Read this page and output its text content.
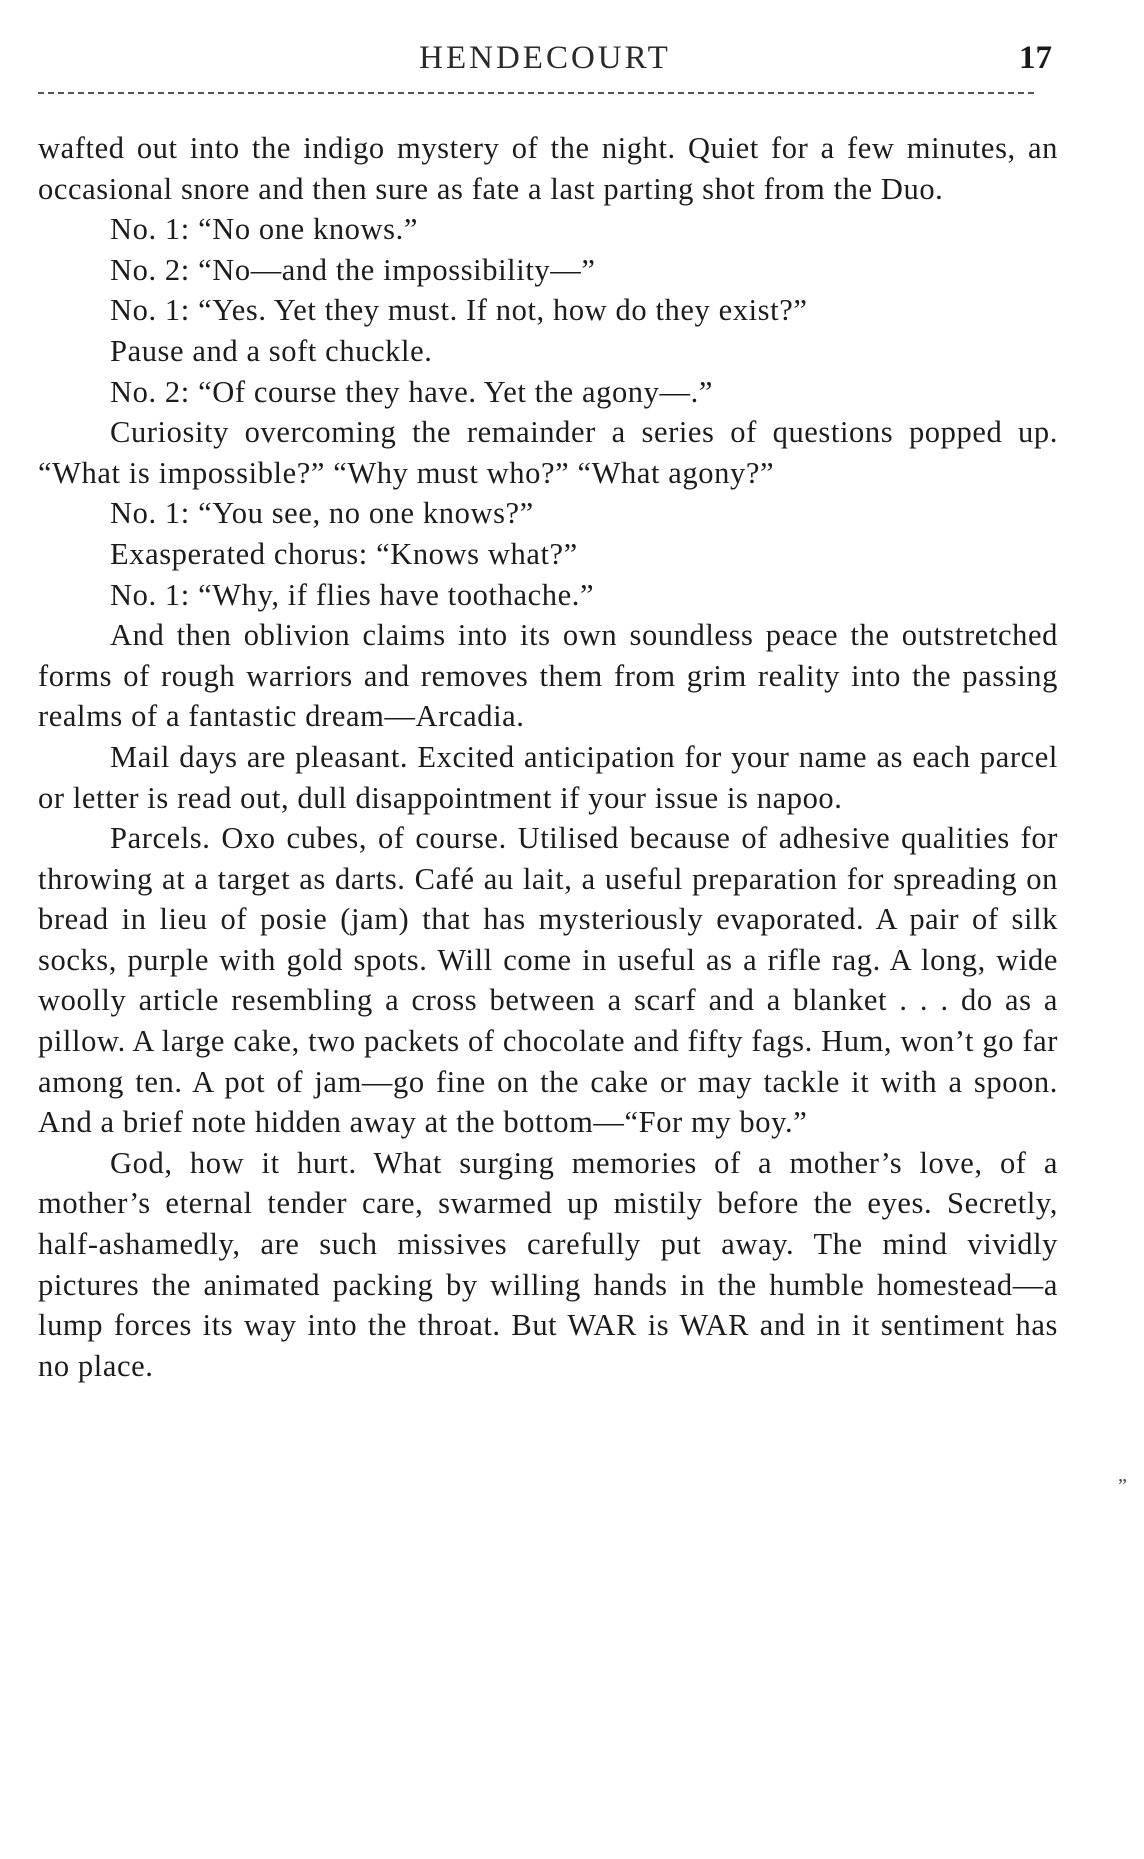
HENDECOURT	17

wafted out into the indigo mystery of the night. Quiet for a few minutes, an occasional snore and then sure as fate a last parting shot from the Duo.

No. 1: “No one knows.”

No. 2: “No—and the impossibility—”

No. 1: “Yes. Yet they must. If not, how do they exist?”

Pause and a soft chuckle.

No. 2: “Of course they have. Yet the agony—.”

Curiosity overcoming the remainder a series of questions popped up. “What is impossible?” “Why must who?” “What agony?”

No. 1: “You see, no one knows?”

Exasperated chorus: “Knows what?”

No. 1: “Why, if flies have toothache.”

And then oblivion claims into its own soundless peace the outstretched forms of rough warriors and removes them from grim reality into the passing realms of a fantastic dream—Arcadia.

Mail days are pleasant. Excited anticipation for your name as each parcel or letter is read out, dull disappointment if your issue is napoo.

Parcels. Oxo cubes, of course. Utilised because of adhesive qualities for throwing at a target as darts. Café au lait, a useful preparation for spreading on bread in lieu of posie (jam) that has mysteriously evaporated. A pair of silk socks, purple with gold spots. Will come in useful as a rifle rag. A long, wide woolly article resembling a cross between a scarf and a blanket . . . do as a pillow. A large cake, two packets of chocolate and fifty fags. Hum, won’t go far among ten. A pot of jam—go fine on the cake or may tackle it with a spoon. And a brief note hidden away at the bottom—“For my boy.”

God, how it hurt. What surging memories of a mother’s love, of a mother’s eternal tender care, swarmed up mistily before the eyes. Secretly, half-ashamedly, are such missives carefully put away. The mind vividly pictures the animated packing by willing hands in the humble homestead—a lump forces its way into the throat. But WAR is WAR and in it sentiment has no place.

”
